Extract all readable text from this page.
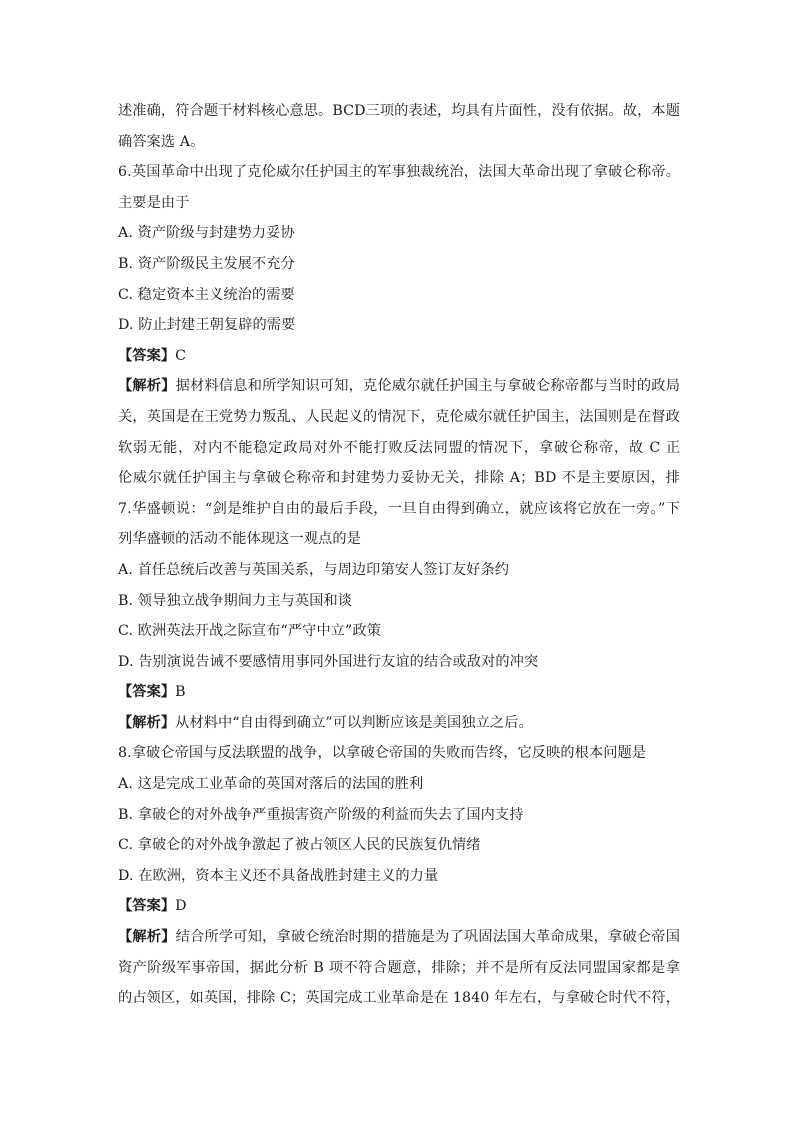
述准确，符合题干材料核心意思。BCD三项的表述，均具有片面性，没有依据。故，本题
确答案选 A。
6.英国革命中出现了克伦威尔任护国主的军事独裁统治，法国大革命出现了拿破仑称帝。
主要是由于
A. 资产阶级与封建势力妥协
B. 资产阶级民主发展不充分
C. 稳定资本主义统治的需要
D. 防止封建王朝复辟的需要
【答案】C
【解析】据材料信息和所学知识可知，克伦威尔就任护国主与拿破仑称帝都与当时的政局
关，英国是在王党势力叛乱、人民起义的情况下，克伦威尔就任护国主，法国则是在督政
软弱无能，对内不能稳定政局对外不能打败反法同盟的情况下，拿破仑称帝，故 C 正
伦威尔就任护国主与拿破仑称帝和封建势力妥协无关，排除 A；BD 不是主要原因，排
7.华盛顿说：“剑是维护自由的最后手段，一旦自由得到确立，就应该将它放在一旁。”下
列华盛顿的活动不能体现这一观点的是
A. 首任总统后改善与英国关系，与周边印第安人签订友好条约
B. 领导独立战争期间力主与英国和谈
C. 欧洲英法开战之际宣布“严守中立”政策
D. 告别演说告诫不要感情用事同外国进行友谊的结合或敌对的冲突
【答案】B
【解析】从材料中“自由得到确立”可以判断应该是美国独立之后。
8.拿破仑帝国与反法联盟的战争，以拿破仑帝国的失败而告终，它反映的根本问题是
A. 这是完成工业革命的英国对落后的法国的胜利
B. 拿破仑的对外战争严重损害资产阶级的利益而失去了国内支持
C. 拿破仑的对外战争激起了被占领区人民的民族复仇情绪
D. 在欧洲，资本主义还不具备战胜封建主义的力量
【答案】D
【解析】结合所学可知，拿破仑统治时期的措施是为了巩固法国大革命成果，拿破仑帝国
资产阶级军事帝国，据此分析 B 项不符合题意，排除；并不是所有反法同盟国家都是拿
的占领区，如英国，排除 C；英国完成工业革命是在 1840 年左右，与拿破仑时代不符，
